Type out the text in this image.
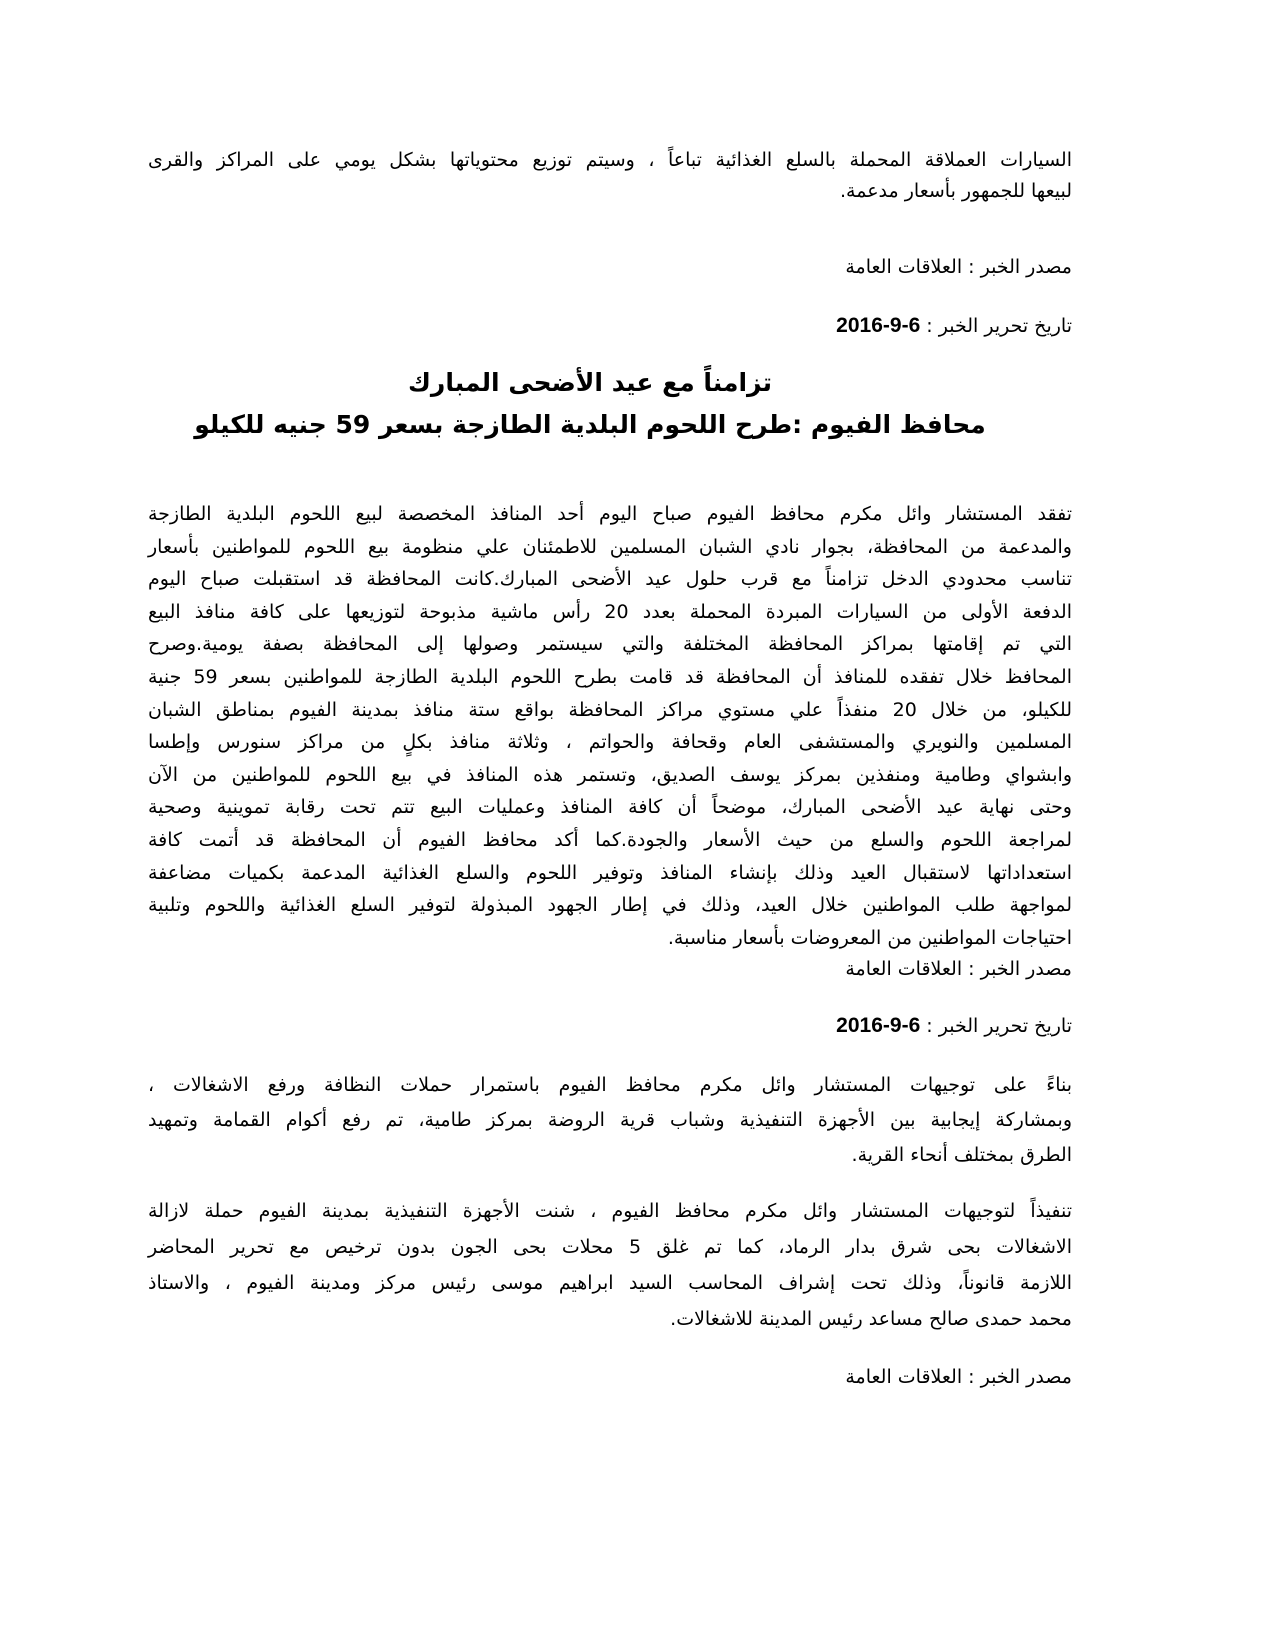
السيارات العملاقة المحملة بالسلع الغذائية تباعاً ، وسيتم توزيع محتوياتها بشكل يومي على المراكز والقرى
لبيعها للجمهور بأسعار مدعمة.

مصدر الخبر : العلاقات العامة

تاريخ تحرير الخبر : 6-9-2016

تزامناً مع عيد الأضحى المبارك

محافظ الفيوم :طرح اللحوم البلدية الطازجة بسعر 59 جنيه للكيلو

تفقد المستشار وائل مكرم محافظ الفيوم صباح اليوم أحد المنافذ المخصصة لبيع اللحوم البلدية الطازجة
والمدعمة من المحافظة، بجوار نادي الشبان المسلمين للاطمئنان علي منظومة بيع اللحوم للمواطنين بأسعار
تناسب محدودي الدخل تزامناً مع قرب حلول عيد الأضحى المبارك.كانت المحافظة قد استقبلت صباح اليوم
الدفعة الأولى من السيارات المبردة المحملة بعدد 20 رأس ماشية مذبوحة لتوزيعها على كافة منافذ البيع
التي تم إقامتها بمراكز المحافظة المختلفة والتي سيستمر وصولها إلى المحافظة بصفة يومية.وصرح
المحافظ خلال تفقده للمنافذ أن المحافظة قد قامت بطرح اللحوم البلدية الطازجة للمواطنين بسعر 59 جنية
للكيلو، من خلال 20 منفذاً علي مستوي مراكز المحافظة بواقع ستة منافذ بمدينة الفيوم بمناطق الشبان
المسلمين والنويري والمستشفى العام وقحافة والحواتم ، وثلاثة منافذ بكلٍ من مراكز سنورس وإطسا
وابشواي وطامية ومنفذين بمركز يوسف الصديق، وتستمر هذه المنافذ في بيع اللحوم للمواطنين من الآن
وحتى نهاية عيد الأضحى المبارك، موضحاً أن كافة المنافذ وعمليات البيع تتم تحت رقابة تموينية وصحية
لمراجعة اللحوم والسلع من حيث الأسعار والجودة.كما أكد محافظ الفيوم أن المحافظة قد أتمت كافة
استعداداتها لاستقبال العيد وذلك بإنشاء المنافذ وتوفير اللحوم والسلع الغذائية المدعمة بكميات مضاعفة
لمواجهة طلب المواطنين خلال العيد، وذلك في إطار الجهود المبذولة لتوفير السلع الغذائية واللحوم وتلبية
احتياجات المواطنين من المعروضات بأسعار مناسبة.

مصدر الخبر : العلاقات العامة

تاريخ تحرير الخبر : 6-9-2016

بناءً على توجيهات المستشار وائل مكرم محافظ الفيوم باستمرار حملات النظافة ورفع الاشغالات ،
وبمشاركة إيجابية بين الأجهزة التنفيذية وشباب قرية الروضة بمركز طامية، تم رفع أكوام القمامة وتمهيد
الطرق بمختلف أنحاء القرية.
تنفيذاً لتوجيهات المستشار وائل مكرم محافظ الفيوم ، شنت الأجهزة التنفيذية بمدينة الفيوم حملة لازالة
الاشغالات بحى شرق بدار الرماد، كما تم غلق 5 محلات بحى الجون بدون ترخيص مع تحرير المحاضر
اللازمة قانوناً، وذلك تحت إشراف المحاسب السيد ابراهيم موسى رئيس مركز ومدينة الفيوم ، والاستاذ
محمد حمدى صالح مساعد رئيس المدينة للاشغالات.

مصدر الخبر : العلاقات العامة
